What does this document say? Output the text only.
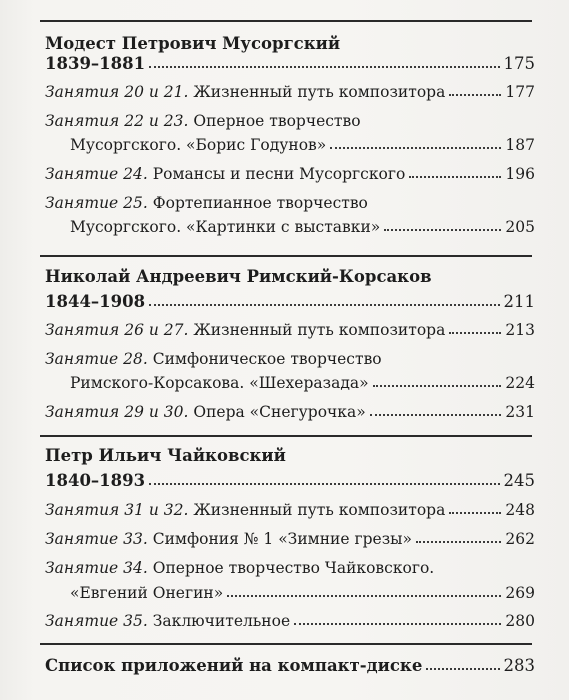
Модест Петрович Мусоргский
1839–1881	175
Занятия 20 и 21. Жизненный путь композитора	177
Занятия 22 и 23. Оперное творчество
Мусоргского. «Борис Годунов»	187
Занятие 24. Романсы и песни Мусоргского	196
Занятие 25. Фортепианное творчество
Мусоргского. «Картинки с выставки»	205
Николай Андреевич Римский-Корсаков
1844–1908	211
Занятия 26 и 27. Жизненный путь композитора	213
Занятие 28. Симфоническое творчество
Римского-Корсакова. «Шехеразада»	224
Занятия 29 и 30. Опера «Снегурочка»	231
Петр Ильич Чайковский
1840–1893	245
Занятия 31 и 32. Жизненный путь композитора	248
Занятие 33. Симфония № 1 «Зимние грезы»	262
Занятие 34. Оперное творчество Чайковского.
«Евгений Онегин»	269
Занятие 35. Заключительное	280
Список приложений на компакт-диске	283
